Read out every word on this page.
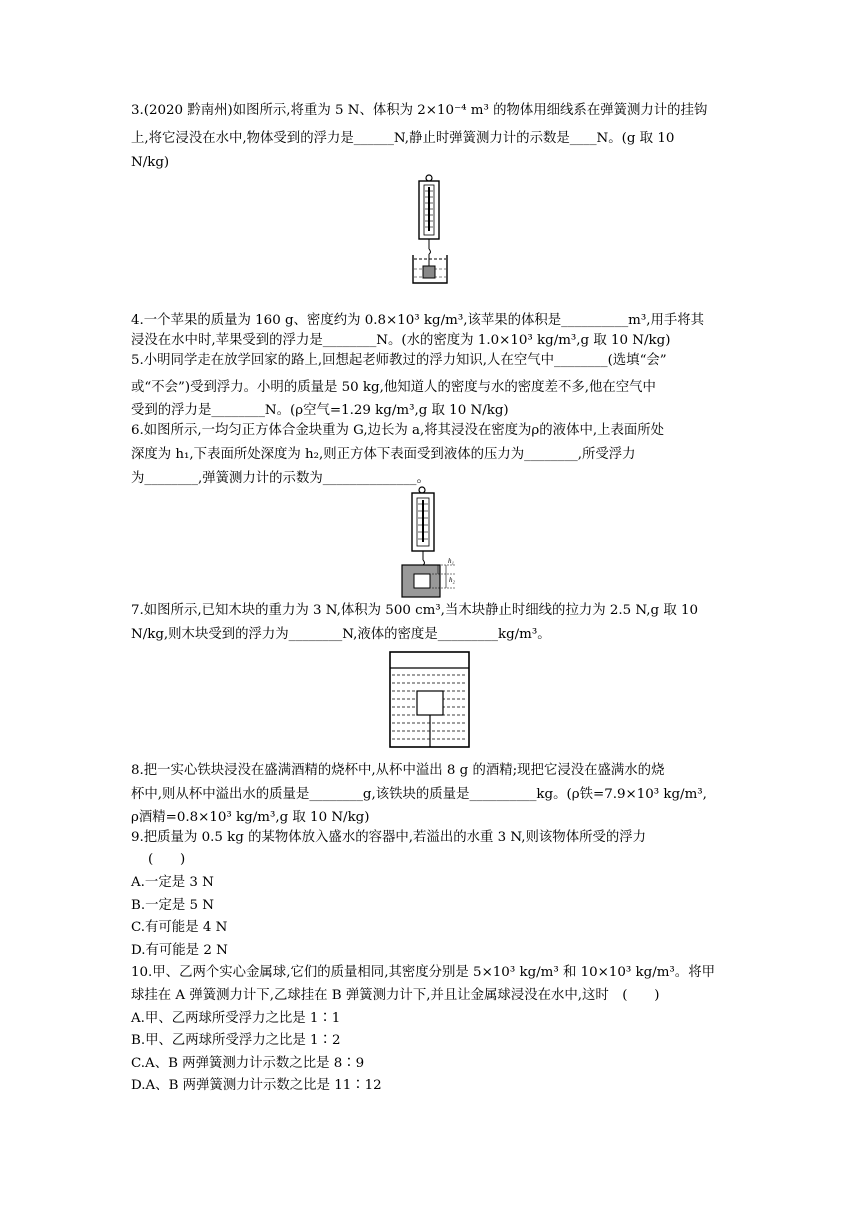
3.(2020 黔南州)如图所示,将重为 5 N、体积为 2×10⁻⁴ m³ 的物体用细线系在弹簧测力计的挂钩
上,将它浸没在水中,物体受到的浮力是______N,静止时弹簧测力计的示数是____N。(g 取 10
N/kg)
4.一个苹果的质量为 160 g、密度约为 0.8×10³ kg/m³,该苹果的体积是__________m³,用手将其
浸没在水中时,苹果受到的浮力是________N。(水的密度为 1.0×10³ kg/m³,g 取 10 N/kg)
5.小明同学走在放学回家的路上,回想起老师教过的浮力知识,人在空气中________(选填“会”
或“不会”)受到浮力。小明的质量是 50 kg,他知道人的密度与水的密度差不多,他在空气中
受到的浮力是________N。(ρ空气=1.29 kg/m³,g 取 10 N/kg)
6.如图所示,一均匀正方体合金块重为 G,边长为 a,将其浸没在密度为ρ的液体中,上表面所处
深度为 h₁,下表面所处深度为 h₂,则正方体下表面受到液体的压力为________,所受浮力
为________,弹簧测力计的示数为______________。
h₁
h₂
7.如图所示,已知木块的重力为 3 N,体积为 500 cm³,当木块静止时细线的拉力为 2.5 N,g 取 10
N/kg,则木块受到的浮力为________N,液体的密度是_________kg/m³。
8.把一实心铁块浸没在盛满酒精的烧杯中,从杯中溢出 8 g 的酒精;现把它浸没在盛满水的烧
杯中,则从杯中溢出水的质量是________g,该铁块的质量是__________kg。(ρ铁=7.9×10³ kg/m³,
ρ酒精=0.8×10³ kg/m³,g 取 10 N/kg)
9.把质量为 0.5 kg 的某物体放入盛水的容器中,若溢出的水重 3 N,则该物体所受的浮力
(　　)
A.一定是 3 N
B.一定是 5 N
C.有可能是 4 N
D.有可能是 2 N
10.甲、乙两个实心金属球,它们的质量相同,其密度分别是 5×10³ kg/m³ 和 10×10³ kg/m³。将甲
球挂在 A 弹簧测力计下,乙球挂在 B 弹簧测力计下,并且让金属球浸没在水中,这时　(　　)
A.甲、乙两球所受浮力之比是 1∶1
B.甲、乙两球所受浮力之比是 1∶2
C.A、B 两弹簧测力计示数之比是 8∶9
D.A、B 两弹簧测力计示数之比是 11∶12
